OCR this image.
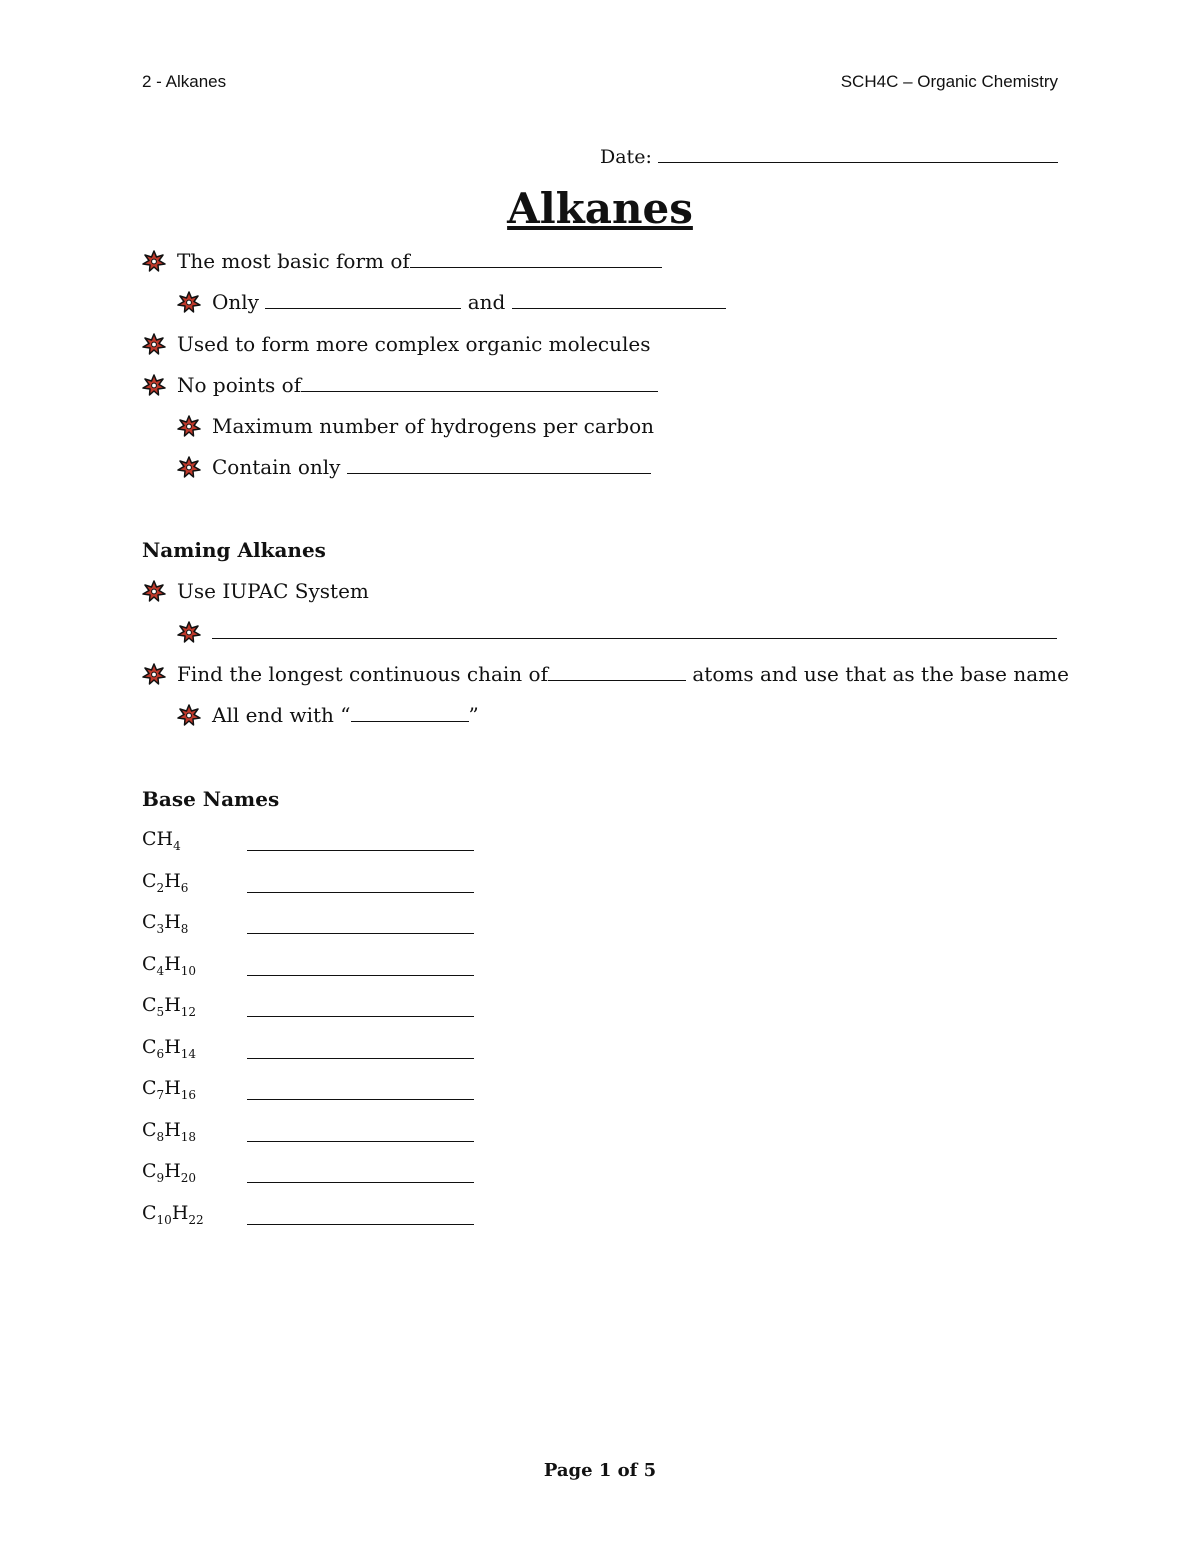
2 - Alkanes	SCH4C – Organic Chemistry
Date:
Alkanes
The most basic form of
Only	and
Used to form more complex organic molecules
No points of
Maximum number of hydrogens per carbon
Contain only
Naming Alkanes
Use IUPAC System
Find the longest continuous chain of	atoms and use that as the base name
All end with “	”
Base Names
$CH_4$
$C_2H_6$
$C_3H_8$
$C_4H_{10}$
$C_5H_{12}$
$C_6H_{14}$
$C_7H_{16}$
$C_8H_{18}$
$C_9H_{20}$
$C_{10}H_{22}$
Page 1 of 5
